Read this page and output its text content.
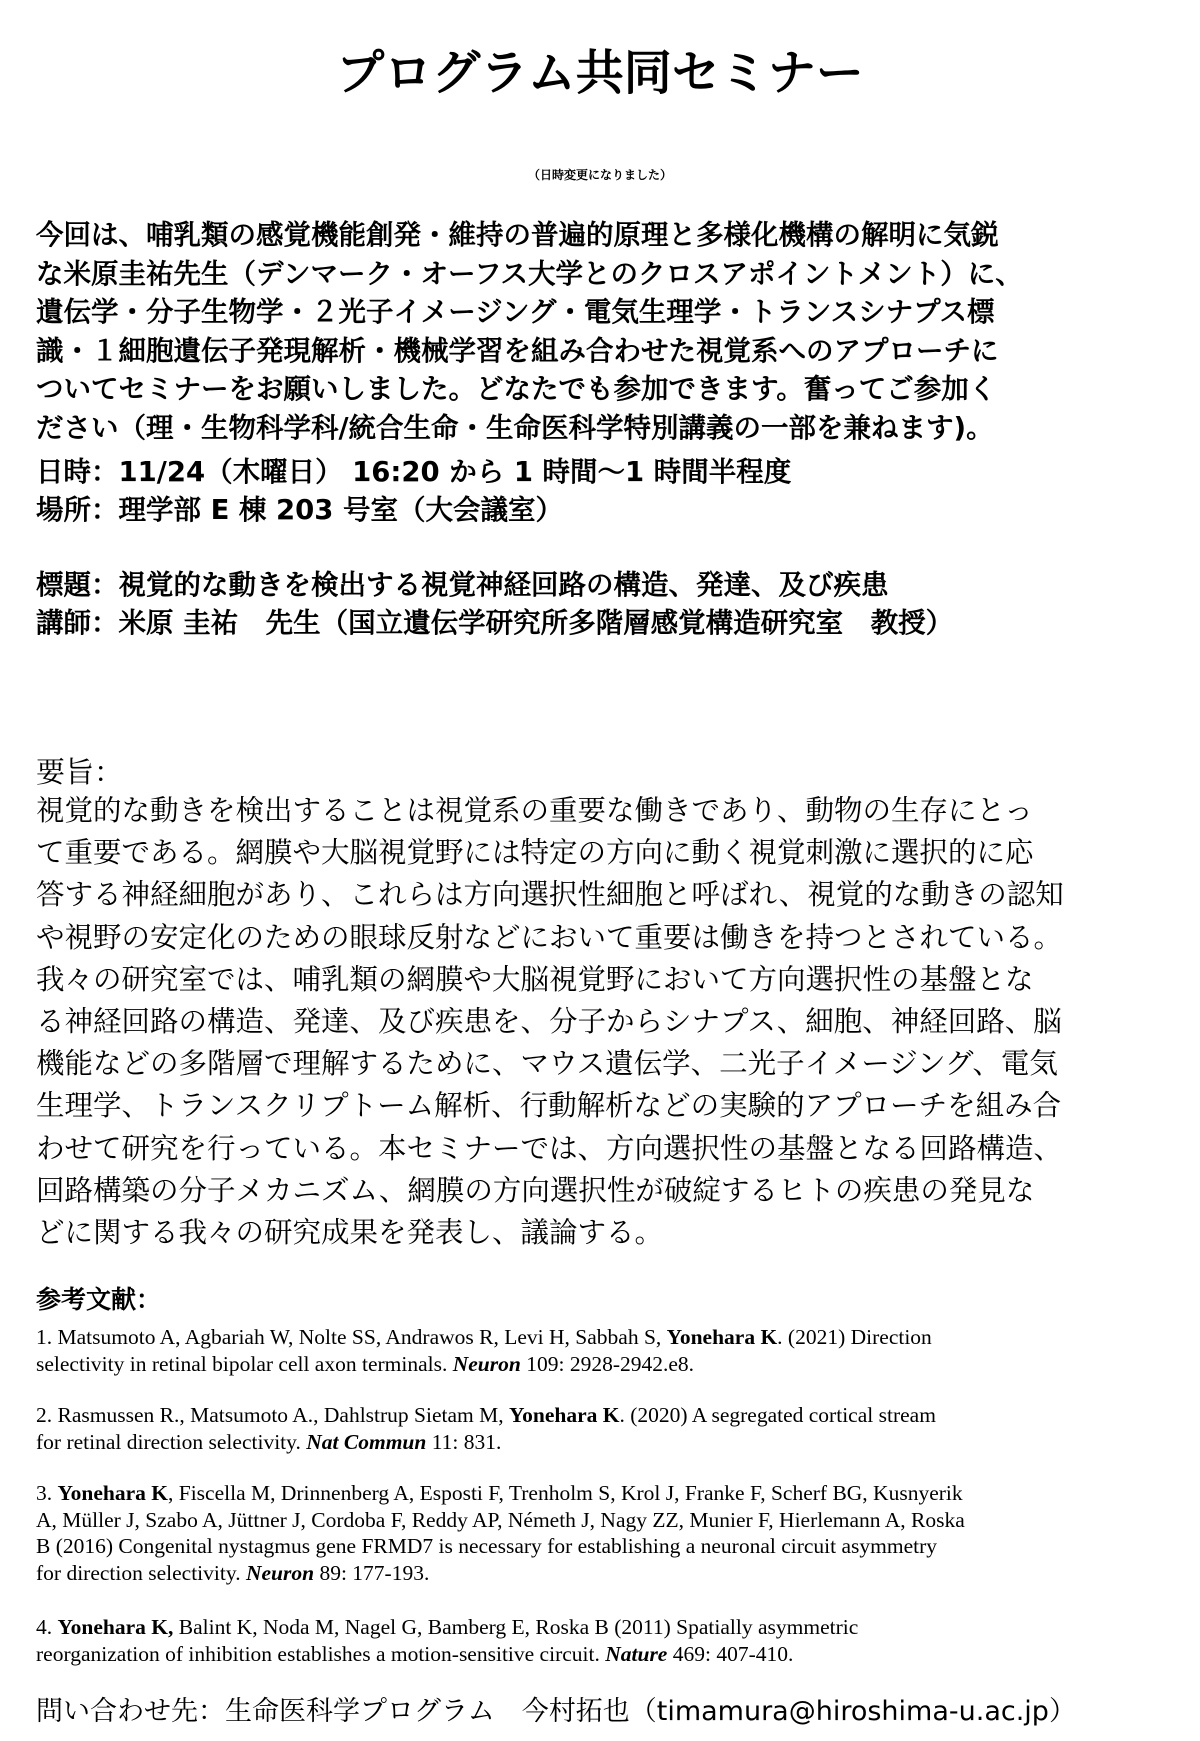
プログラム共同セミナー
（日時変更になりました）

今回は、哺乳類の感覚機能創発・維持の普遍的原理と多様化機構の解明に気鋭

な米原圭祐先生（デンマーク・オーフス大学とのクロスアポイントメント）に、

遺伝学・分子生物学・２光子イメージング・電気生理学・トランスシナプス標

識・１細胞遺伝子発現解析・機械学習を組み合わせた視覚系へのアプローチに

ついてセミナーをお願いしました。どなたでも参加できます。奮ってご参加く

ださい（理・生物科学科/統合生命・生命医科学特別講義の一部を兼ねます)。

日時：11/24（木曜日） 16:20 から 1 時間〜1 時間半程度
場所：理学部 E 棟 203 号室（大会議室）
標題：視覚的な動きを検出する視覚神経回路の構造、発達、及び疾患
講師：米原 圭祐　先生（国立遺伝学研究所多階層感覚構造研究室　教授）
要旨：

視覚的な動きを検出することは視覚系の重要な働きであり、動物の生存にとっ

て重要である。網膜や大脳視覚野には特定の方向に動く視覚刺激に選択的に応

答する神経細胞があり、これらは方向選択性細胞と呼ばれ、視覚的な動きの認知

や視野の安定化のための眼球反射などにおいて重要は働きを持つとされている。

我々の研究室では、哺乳類の網膜や大脳視覚野において方向選択性の基盤とな

る神経回路の構造、発達、及び疾患を、分子からシナプス、細胞、神経回路、脳

機能などの多階層で理解するために、マウス遺伝学、二光子イメージング、電気

生理学、トランスクリプトーム解析、行動解析などの実験的アプローチを組み合

わせて研究を行っている。本セミナーでは、方向選択性の基盤となる回路構造、

回路構築の分子メカニズム、網膜の方向選択性が破綻するヒトの疾患の発見な

どに関する我々の研究成果を発表し、議論する。

参考文献：

1. Matsumoto A, Agbariah W, Nolte SS, Andrawos R, Levi H, Sabbah S, Yonehara K. (2021) Direction

selectivity in retinal bipolar cell axon terminals. Neuron 109: 2928-2942.e8.

2. Rasmussen R., Matsumoto A., Dahlstrup Sietam M, Yonehara K. (2020) A segregated cortical stream

for retinal direction selectivity. Nat Commun 11: 831.

3. Yonehara K, Fiscella M, Drinnenberg A, Esposti F, Trenholm S, Krol J, Franke F, Scherf BG, Kusnyerik

A, Müller J, Szabo A, Jüttner J, Cordoba F, Reddy AP, Németh J, Nagy ZZ, Munier F, Hierlemann A, Roska

B (2016) Congenital nystagmus gene FRMD7 is necessary for establishing a neuronal circuit asymmetry

for direction selectivity. Neuron 89: 177-193.

4. Yonehara K, Balint K, Noda M, Nagel G, Bamberg E, Roska B (2011) Spatially asymmetric

reorganization of inhibition establishes a motion-sensitive circuit. Nature 469: 407-410.

問い合わせ先：生命医科学プログラム　今村拓也（timamura@hiroshima-u.ac.jp）
